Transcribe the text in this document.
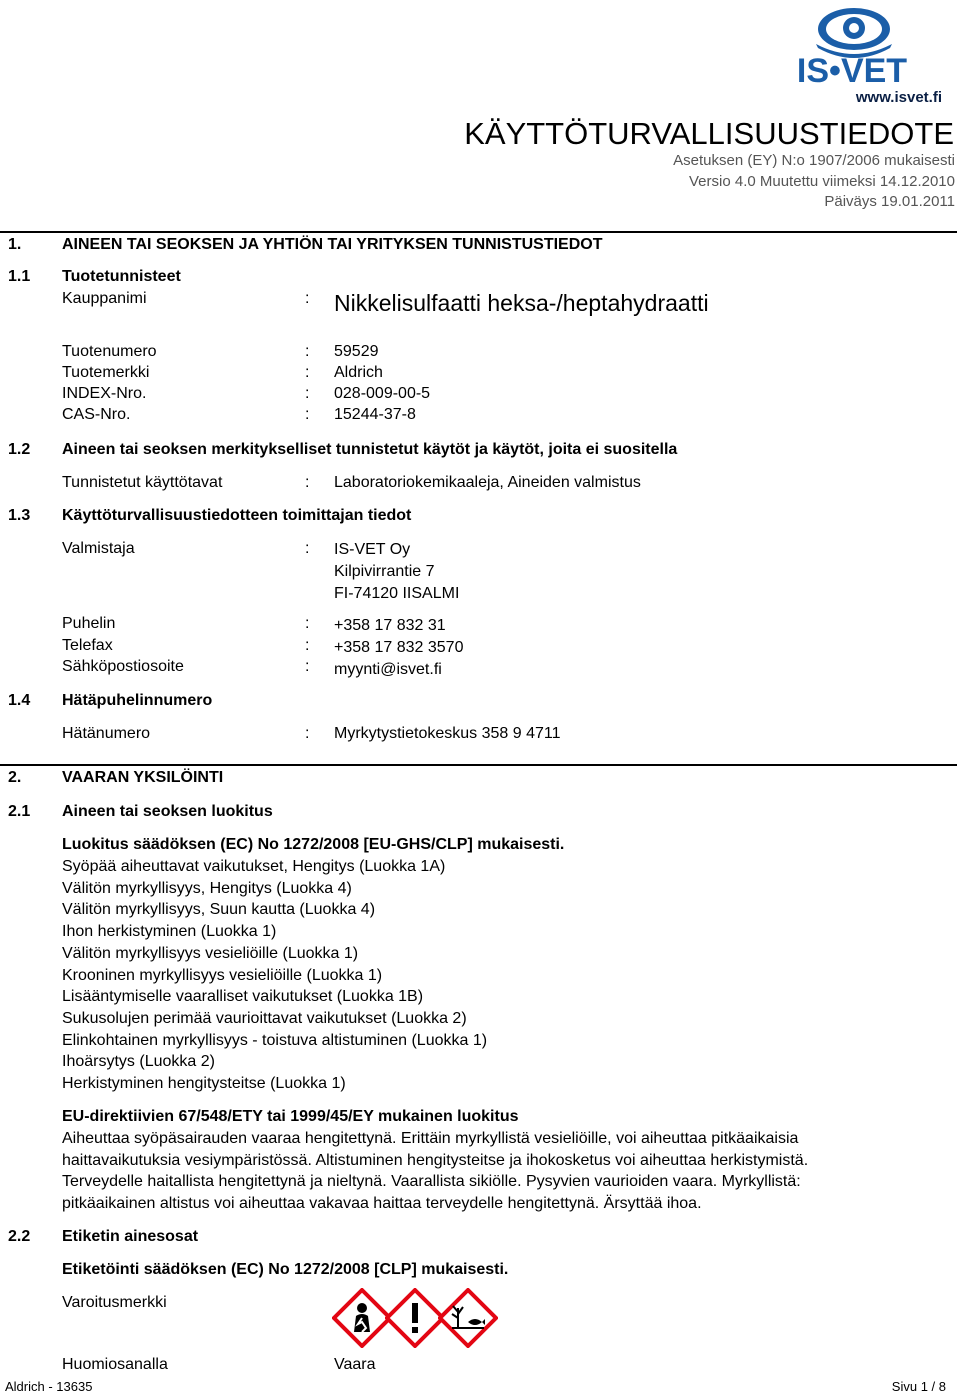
IS•VET
www.isvet.fi
KÄYTTÖTURVALLISUUSTIEDOTE
Asetuksen (EY) N:o 1907/2006 mukaisesti
Versio 4.0 Muutettu viimeksi 14.12.2010
Päiväys 19.01.2011
1.	AINEEN TAI SEOKSEN JA YHTIÖN TAI YRITYKSEN TUNNISTUSTIEDOT
1.1 Tuotetunnisteet
Kauppanimi	: Nikkelisulfaatti heksa-/heptahydraatti
Tuotenumero	: 59529
Tuotemerkki	: Aldrich
INDEX-Nro.	: 028-009-00-5
CAS-Nro.	: 15244-37-8
1.2 Aineen tai seoksen merkitykselliset tunnistetut käytöt ja käytöt, joita ei suositella
Tunnistetut käyttötavat	: Laboratoriokemikaaleja, Aineiden valmistus
1.3 Käyttöturvallisuustiedotteen toimittajan tiedot
Valmistaja	: IS-VET Oy
Kilpivirrantie 7
FI-74120 IISALMI
Puhelin	: +358 17 832 31
Telefax	: +358 17 832 3570
Sähköpostiosoite	: myynti@isvet.fi
1.4 Hätäpuhelinnumero
Hätänumero	: Myrkytystietokeskus 358 9 4711
2.	VAARAN YKSILÖINTI
2.1 Aineen tai seoksen luokitus
Luokitus säädöksen (EC) No 1272/2008 [EU-GHS/CLP] mukaisesti.
Syöpää aiheuttavat vaikutukset, Hengitys (Luokka 1A)
Välitön myrkyllisyys, Hengitys (Luokka 4)
Välitön myrkyllisyys, Suun kautta (Luokka 4)
Ihon herkistyminen (Luokka 1)
Välitön myrkyllisyys vesieliöille (Luokka 1)
Krooninen myrkyllisyys vesieliöille (Luokka 1)
Lisääntymiselle vaaralliset vaikutukset (Luokka 1B)
Sukusolujen perimää vaurioittavat vaikutukset (Luokka 2)
Elinkohtainen myrkyllisyys - toistuva altistuminen (Luokka 1)
Ihoärsytys (Luokka 2)
Herkistyminen hengitysteitse (Luokka 1)
EU-direktiivien 67/548/ETY tai 1999/45/EY mukainen luokitus
Aiheuttaa syöpäsairauden vaaraa hengitettynä. Erittäin myrkyllistä vesieliöille, voi aiheuttaa pitkäaikaisia
haittavaikutuksia vesiympäristössä. Altistuminen hengitysteitse ja ihokosketus voi aiheuttaa herkistymistä.
Terveydelle haitallista hengitettynä ja nieltynä. Vaarallista sikiölle. Pysyvien vaurioiden vaara. Myrkyllistä:
pitkäaikainen altistus voi aiheuttaa vakavaa haittaa terveydelle hengitettynä. Ärsyttää ihoa.
2.2 Etiketin ainesosat
Etiketöinti säädöksen (EC) No 1272/2008 [CLP] mukaisesti.
Varoitusmerkki
Huomiosanalla	Vaara
Aldrich - 13635	Sivu 1 / 8
